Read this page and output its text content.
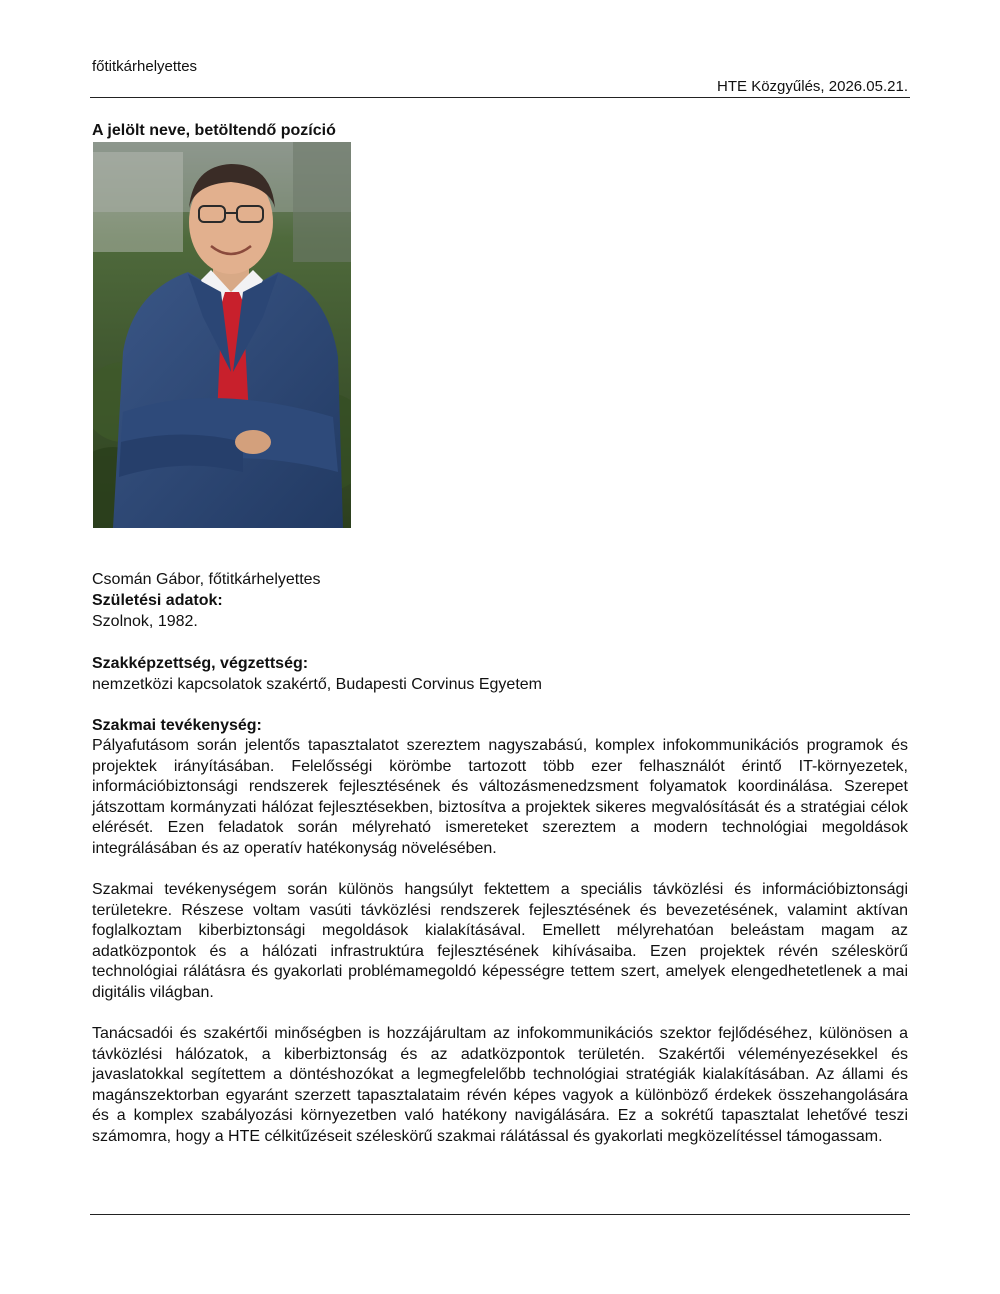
főtitkárhelyettes
HTE Közgyűlés, 2026.05.21.
A jelölt neve, betöltendő pozíció
Csomán Gábor, főtitkárhelyettes
Születési adatok:
Szolnok, 1982.
Szakképzettség, végzettség:
nemzetközi kapcsolatok szakértő, Budapesti Corvinus Egyetem
Szakmai tevékenység:

Pályafutásom során jelentős tapasztalatot szereztem nagyszabású, komplex infokommunikációs programok és projektek irányításában. Felelősségi körömbe tartozott több ezer felhasználót érintő IT-környezetek, információbiztonsági rendszerek fejlesztésének és változásmenedzsment folyamatok koordinálása. Szerepet játszottam kormányzati hálózat fejlesztésekben, biztosítva a projektek sikeres megvalósítását és a stratégiai célok elérését. Ezen feladatok során mélyreható ismereteket szereztem a modern technológiai megoldások integrálásában és az operatív hatékonyság növelésében.

Szakmai tevékenységem során különös hangsúlyt fektettem a speciális távközlési és információbiztonsági területekre. Részese voltam vasúti távközlési rendszerek fejlesztésének és bevezetésének, valamint aktívan foglalkoztam kiberbiztonsági megoldások kialakításával. Emellett mélyrehatóan beleástam magam az adatközpontok és a hálózati infrastruktúra fejlesztésének kihívásaiba. Ezen projektek révén széleskörű technológiai rálátásra és gyakorlati problémamegoldó képességre tettem szert, amelyek elengedhetetlenek a mai digitális világban.

Tanácsadói és szakértői minőségben is hozzájárultam az infokommunikációs szektor fejlődéséhez, különösen a távközlési hálózatok, a kiberbiztonság és az adatközpontok területén. Szakértői véleményezésekkel és javaslatokkal segítettem a döntéshozókat a legmegfelelőbb technológiai stratégiák kialakításában. Az állami és magánszektorban egyaránt szerzett tapasztalataim révén képes vagyok a különböző érdekek összehangolására és a komplex szabályozási környezetben való hatékony navigálására. Ez a sokrétű tapasztalat lehetővé teszi számomra, hogy a HTE célkitűzéseit széleskörű szakmai rálátással és gyakorlati megközelítéssel támogassam.
